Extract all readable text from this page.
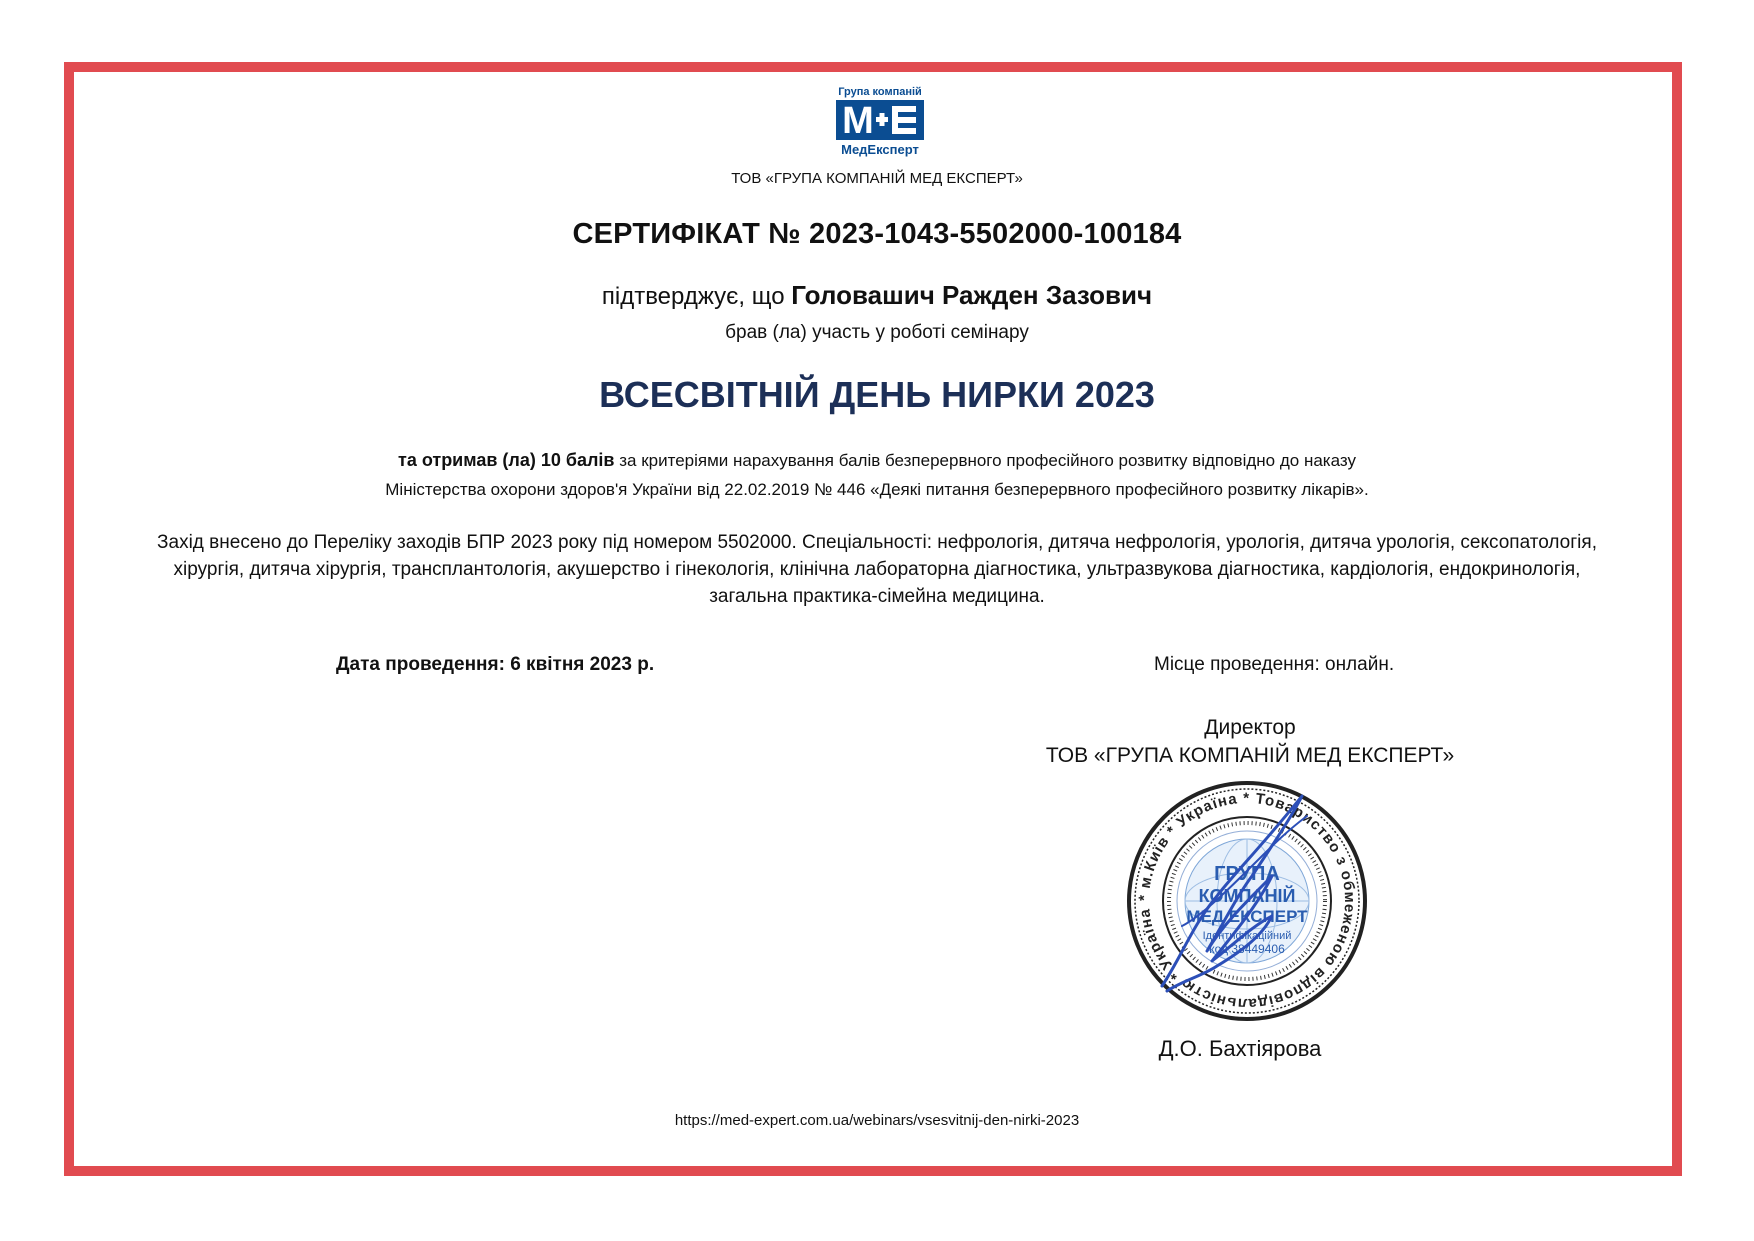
Група компаній
М
МедЕксперт
ТОВ «ГРУПА КОМПАНІЙ МЕД ЕКСПЕРТ»
СЕРТИФІКАТ № 2023-1043-5502000-100184
підтверджує, що Головашич Ражден Зазович
брав (ла) участь у роботі семінару
ВСЕСВІТНІЙ ДЕНЬ НИРКИ 2023
та отримав (ла) 10 балів за критеріями нарахування балів безперервного професійного розвитку відповідно до наказу
Міністерства охорони здоров'я України від 22.02.2019 № 446 «Деякі питання безперервного професійного розвитку лікарів».
Захід внесено до Переліку заходів БПР 2023 року під номером 5502000. Спеціальності: нефрологія, дитяча нефрологія, урологія, дитяча урологія, сексопатологія, хірургія, дитяча хірургія, трансплантологія, акушерство і гінекологія, клінічна лабораторна діагностика, ультразвукова діагностика, кардіологія, ендокринологія, загальна практика-сімейна медицина.
Дата проведення: 6 квітня 2023 р.	Місце проведення: онлайн.
Директор
ТОВ «ГРУПА КОМПАНІЙ МЕД ЕКСПЕРТ»
* м.Київ * Україна * Товариство з обмеженою відповідальністю * Україна
ГРУПА
КОМПАНІЙ
МЕД ЕКСПЕРТ
Ідентифікаційний
код 38449406
Д.О. Бахтіярова
https://med-expert.com.ua/webinars/vsesvitnij-den-nirki-2023
